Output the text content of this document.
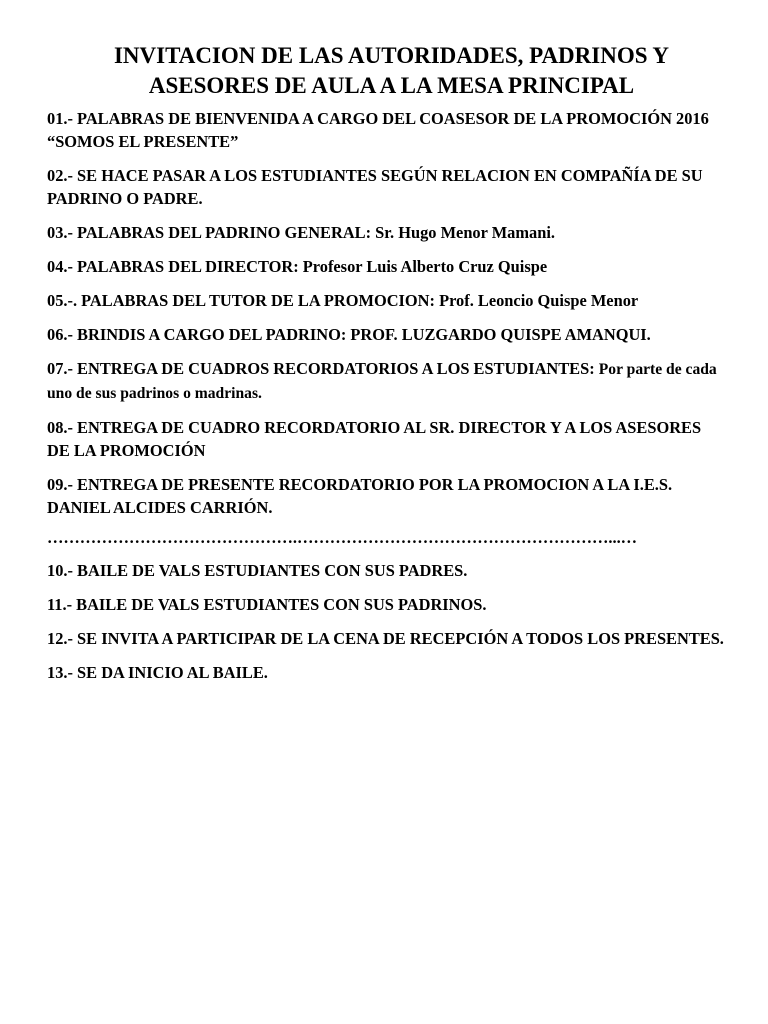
INVITACION DE LAS AUTORIDADES, PADRINOS Y ASESORES DE AULA A LA MESA PRINCIPAL
01.- PALABRAS DE BIENVENIDA A CARGO DEL COASESOR DE LA PROMOCIÓN 2016 “SOMOS EL PRESENTE”
02.- SE HACE PASAR A LOS ESTUDIANTES SEGÚN RELACION EN COMPAÑÍA DE SU PADRINO O PADRE.
03.- PALABRAS DEL PADRINO GENERAL: Sr. Hugo Menor Mamani.
04.- PALABRAS DEL DIRECTOR: Profesor Luis Alberto Cruz Quispe
05.-. PALABRAS DEL TUTOR DE LA PROMOCION: Prof. Leoncio Quispe Menor
06.- BRINDIS A CARGO DEL PADRINO: PROF. LUZGARDO QUISPE AMANQUI.
07.- ENTREGA DE CUADROS RECORDATORIOS A LOS ESTUDIANTES: Por parte de cada uno de sus padrinos o madrinas.
08.- ENTREGA DE CUADRO RECORDATORIO AL SR. DIRECTOR Y A LOS ASESORES DE LA PROMOCIÓN
09.- ENTREGA DE PRESENTE RECORDATORIO POR LA PROMOCION A LA I.E.S. DANIEL ALCIDES CARRIÓN.
……………………………………….…………………………………………………...…
10.- BAILE DE VALS ESTUDIANTES CON SUS PADRES.
11.- BAILE DE VALS ESTUDIANTES CON SUS PADRINOS.
12.- SE INVITA A PARTICIPAR DE LA CENA DE RECEPCIÓN A TODOS LOS PRESENTES.
13.- SE DA INICIO AL BAILE.
